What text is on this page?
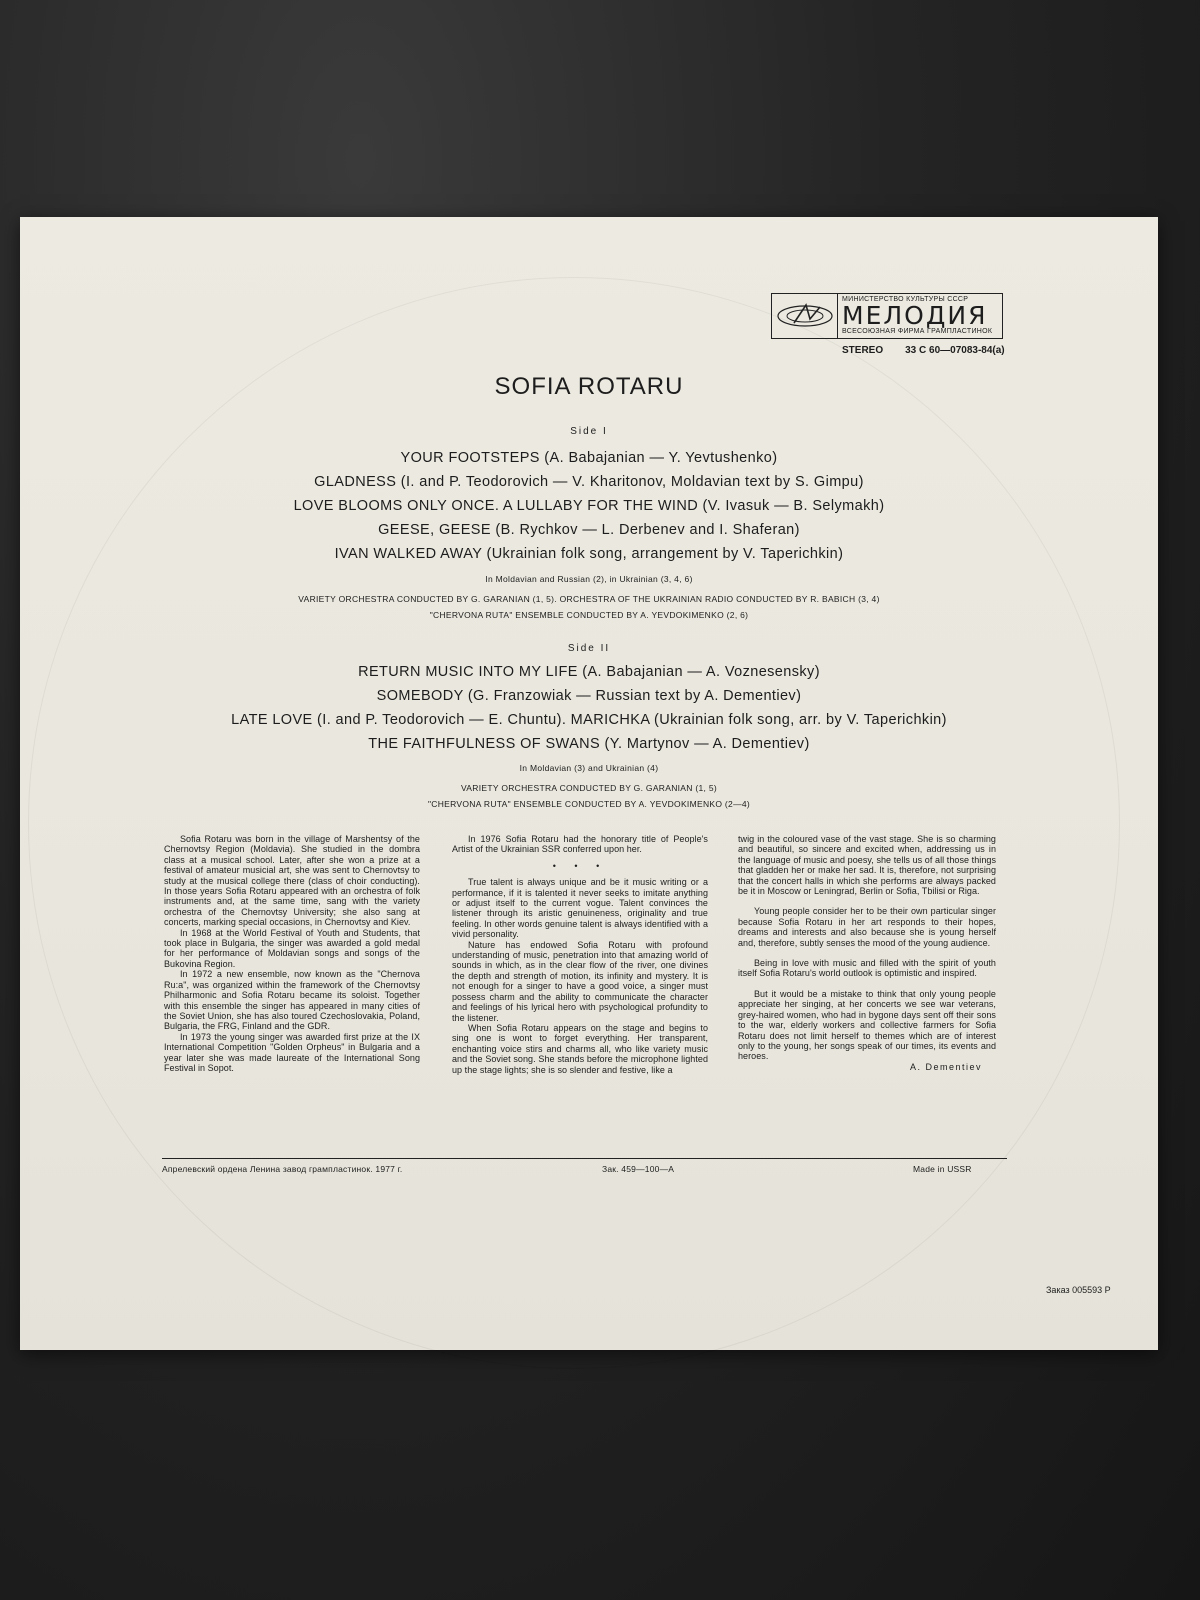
МИНИСТЕРСТВО КУЛЬТУРЫ СССР
МЕЛОДИЯ
ВСЕСОЮЗНАЯ ФИРМА ГРАМПЛАСТИНОК
STEREO 33 С 60—07083-84(а)
SOFIA ROTARU
Side I
YOUR FOOTSTEPS (A. Babajanian — Y. Yevtushenko)
GLADNESS (I. and P. Teodorovich — V. Kharitonov, Moldavian text by S. Gimpu)
LOVE BLOOMS ONLY ONCE. A LULLABY FOR THE WIND (V. Ivasuk — B. Selymakh)
GEESE, GEESE (B. Rychkov — L. Derbenev and I. Shaferan)
IVAN WALKED AWAY (Ukrainian folk song, arrangement by V. Taperichkin)
In Moldavian and Russian (2), in Ukrainian (3, 4, 6)
VARIETY ORCHESTRA CONDUCTED BY G. GARANIAN (1, 5). ORCHESTRA OF THE UKRAINIAN RADIO CONDUCTED BY R. BABICH (3, 4)
"CHERVONA RUTA" ENSEMBLE CONDUCTED BY A. YEVDOKIMENKO (2, 6)
Side II
RETURN MUSIC INTO MY LIFE (A. Babajanian — A. Voznesensky)
SOMEBODY (G. Franzowiak — Russian text by A. Dementiev)
LATE LOVE (I. and P. Teodorovich — E. Chuntu). MARICHKA (Ukrainian folk song, arr. by V. Taperichkin)
THE FAITHFULNESS OF SWANS (Y. Martynov — A. Dementiev)
In Moldavian (3) and Ukrainian (4)
VARIETY ORCHESTRA CONDUCTED BY G. GARANIAN (1, 5)
"CHERVONA RUTA" ENSEMBLE CONDUCTED BY A. YEVDOKIMENKO (2—4)

Sofia Rotaru was born in the village of Marshentsy of the Chernovtsy Region (Moldavia). She studied in the dombra class at a musical school. Later, after she won a prize at a festival of amateur musicial art, she was sent to Chernovtsy to study at the musical college there (class of choir conducting). In those years Sofia Rotaru appeared with an orchestra of folk instruments and, at the same time, sang with the variety orchestra of the Chernovtsy University; she also sang at concerts, marking special occasions, in Chernovtsy and Kiev.

In 1968 at the World Festival of Youth and Students, that took place in Bulgaria, the singer was awarded a gold medal for her performance of Moldavian songs and songs of the Bukovina Region.

In 1972 a new ensemble, now known as the "Chernova Ru:a", was organized within the framework of the Chernovtsy Philharmonic and Sofia Rotaru became its soloist. Together with this ensemble the singer has appeared in many cities of the Soviet Union, she has also toured Czechoslovakia, Poland, Bulgaria, the FRG, Finland and the GDR.

In 1973 the young singer was awarded first prize at the IX International Competition "Golden Orpheus" in Bulgaria and a year later she was made laureate of the International Song Festival in Sopot.

In 1976 Sofia Rotaru had the honorary title of People's Artist of the Ukrainian SSR conferred upon her.

• • •

True talent is always unique and be it music writing or a performance, if it is talented it never seeks to imitate anything or adjust itself to the current vogue. Talent convinces the listener through its aristic genuineness, originality and true feeling. In other words genuine talent is always identified with a vivid personality.

Nature has endowed Sofia Rotaru with profound understanding of music, penetration into that amazing world of sounds in which, as in the clear flow of the river, one divines the depth and strength of motion, its infinity and mystery. It is not enough for a singer to have a good voice, a singer must possess charm and the ability to communicate the character and feelings of his lyrical hero with psychological profundity to the listener.

When Sofia Rotaru appears on the stage and begins to sing one is wont to forget everything. Her transparent, enchanting voice stirs and charms all, who like variety music and the Soviet song. She stands before the microphone lighted up the stage lights; she is so slender and festive, like a

twig in the coloured vase of the vast stage. She is so charming and beautiful, so sincere and excited when, addressing us in the language of music and poesy, she tells us of all those things that gladden her or make her sad. It is, therefore, not surprising that the concert halls in which she performs are always packed be it in Moscow or Leningrad, Berlin or Sofia, Tbilisi or Riga.

Young people consider her to be their own particular singer because Sofia Rotaru in her art responds to their hopes, dreams and interests and also because she is young herself and, therefore, subtly senses the mood of the young audience.

Being in love with music and filled with the spirit of youth itself Sofia Rotaru's world outlook is optimistic and inspired.

But it would be a mistake to think that only young people appreciate her singing, at her concerts we see war veterans, grey-haired women, who had in bygone days sent off their sons to the war, elderly workers and collective farmers for Sofia Rotaru does not limit herself to themes which are of interest only to the young, her songs speak of our times, its events and heroes.

A. Dementiev

Апрелевский ордена Ленина завод грампластинок. 1977 г.	Зак. 459—100—А	Made in USSR
Заказ 005593 Р
